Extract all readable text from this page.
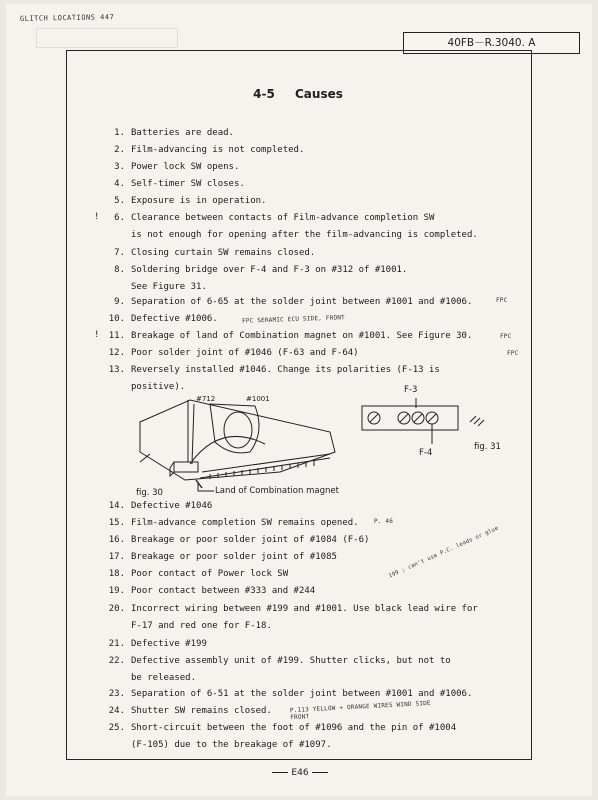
GLITCH LOCATIONS 447
40FB－R.3040. A
4-5 Causes
1. Batteries are dead.
2. Film-advancing is not completed.
3. Power lock SW opens.
4. Self-timer SW closes.
5. Exposure is in operation.
6. Clearance between contacts of Film-advance completion SW
is not enough for opening after the film-advancing is completed.
!
7. Closing curtain SW remains closed.
8. Soldering bridge over F-4 and F-3 on #312 of #1001.
See Figure 31.
9. Separation of 6-65 at the solder joint between #1001 and #1006.
10. Defective #1006.
11. Breakage of land of Combination magnet on #1001. See Figure 30.
!
12. Poor solder joint of #1046 (F-63 and F-64)
13. Reversely installed #1046. Change its polarities (F-13 is
positive).
14. Defective #1046
15. Film-advance completion SW remains opened.
16. Breakage or poor solder joint of #1084 (F-6)
17. Breakage or poor solder joint of #1085
18. Poor contact of Power lock SW
19. Poor contact between #333 and #244
20. Incorrect wiring between #199 and #1001. Use black lead wire for
F-17 and red one for F-18.
21. Defective #199
22. Defective assembly unit of #199. Shutter clicks, but not to
be released.
23. Separation of 6-51 at the solder joint between #1001 and #1006.
24. Shutter SW remains closed.
25. Short-circuit between the foot of #1096 and the pin of #1004
(F-105) due to the breakage of #1097.
FPC
FPC SERAMIC ECU SIDE, FRONT
FPC
FPC
P. 46
199 ; can't use P.C. leads or glue
P.113 YELLOW + ORANGE WIRES WIND SIDE FRONT
#712	#1001
fig. 30	Land of Combination magnet
F-3
F-4
fig. 31
E46
